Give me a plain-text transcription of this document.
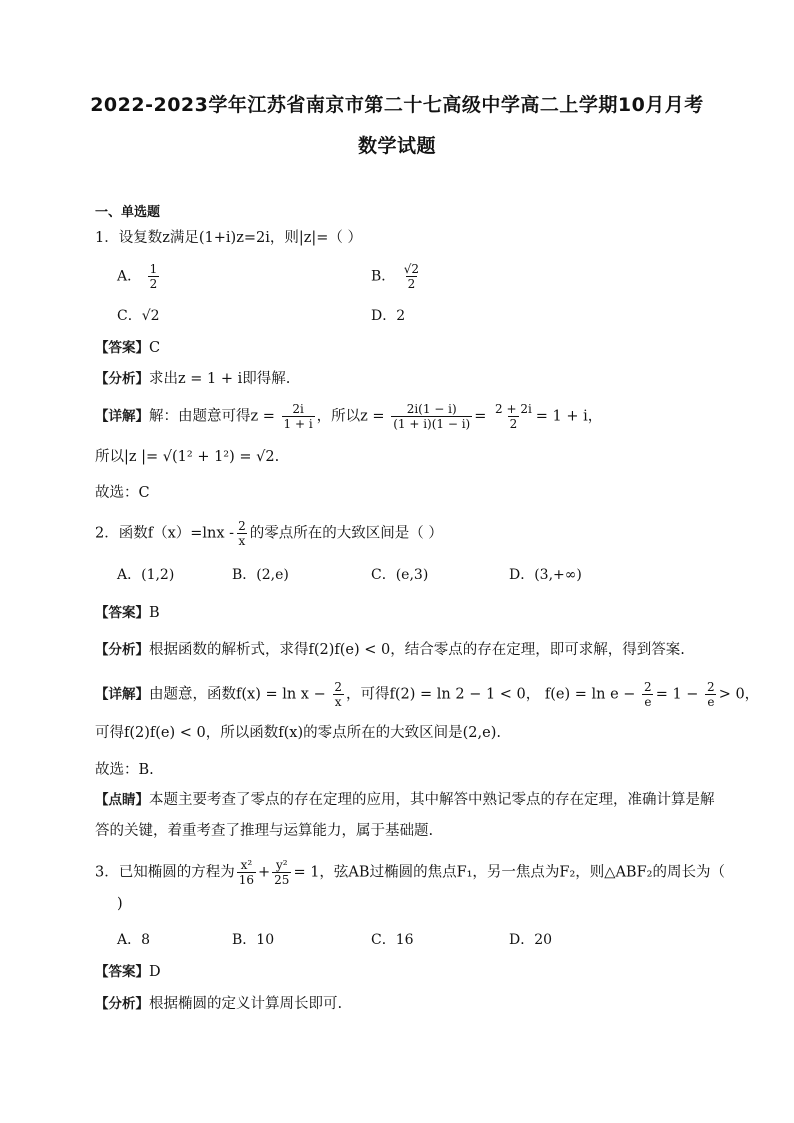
2022-2023学年江苏省南京市第二十七高级中学高二上学期10月月考
数学试题
一、单选题
1．设复数z满足(1+i)z=2i，则|z|=（ ）
A． $\frac{1}{2}$	B． $\frac{√2}{2}$
C．√2	D．2
【答案】C
【分析】求出z = 1 + i即得解.
【详解】解：由题意可得$z = \frac{2i}{1 + i}$ ，所以$z = \frac{2i(1 - i)}{(1 + i)(1 - i)} = \frac{2 + 2i}{2} = 1 + i$，
所以|z |= √(1² + 1²) = √2.
故选：C
2．函数$f(x)=\ln x - \frac{2}{x}$ 的零点所在的大致区间是（ ）
A．(1,2)	B．(2,e)	C．(e,3)	D．(3,+∞)
【答案】B
【分析】根据函数的解析式，求得f(2)f(e) < 0，结合零点的存在定理，即可求解，得到答案.
【详解】由题意，函数$f(x) = \ln x - \frac{2}{x}$ ，可得f(2) = ln 2 − 1 < 0， $f(e) = \ln e - \frac{2}{e} = 1 - \frac{2}{e} > 0$，
可得f(2)f(e) < 0，所以函数f(x)的零点所在的大致区间是(2,e).
故选：B.
【点睛】本题主要考查了零点的存在定理的应用，其中解答中熟记零点的存在定理，准确计算是解
答的关键，着重考查了推理与运算能力，属于基础题.
3．已知椭圆的方程为 $\frac{\text{x²}}{16} + \frac{\text{y²}}{25} = 1$，弦AB过椭圆的焦点F₁，另一焦点为F₂，则△ABF₂的周长为（
)
A．8	B．10	C．16	D．20
【答案】D
【分析】根据椭圆的定义计算周长即可.
